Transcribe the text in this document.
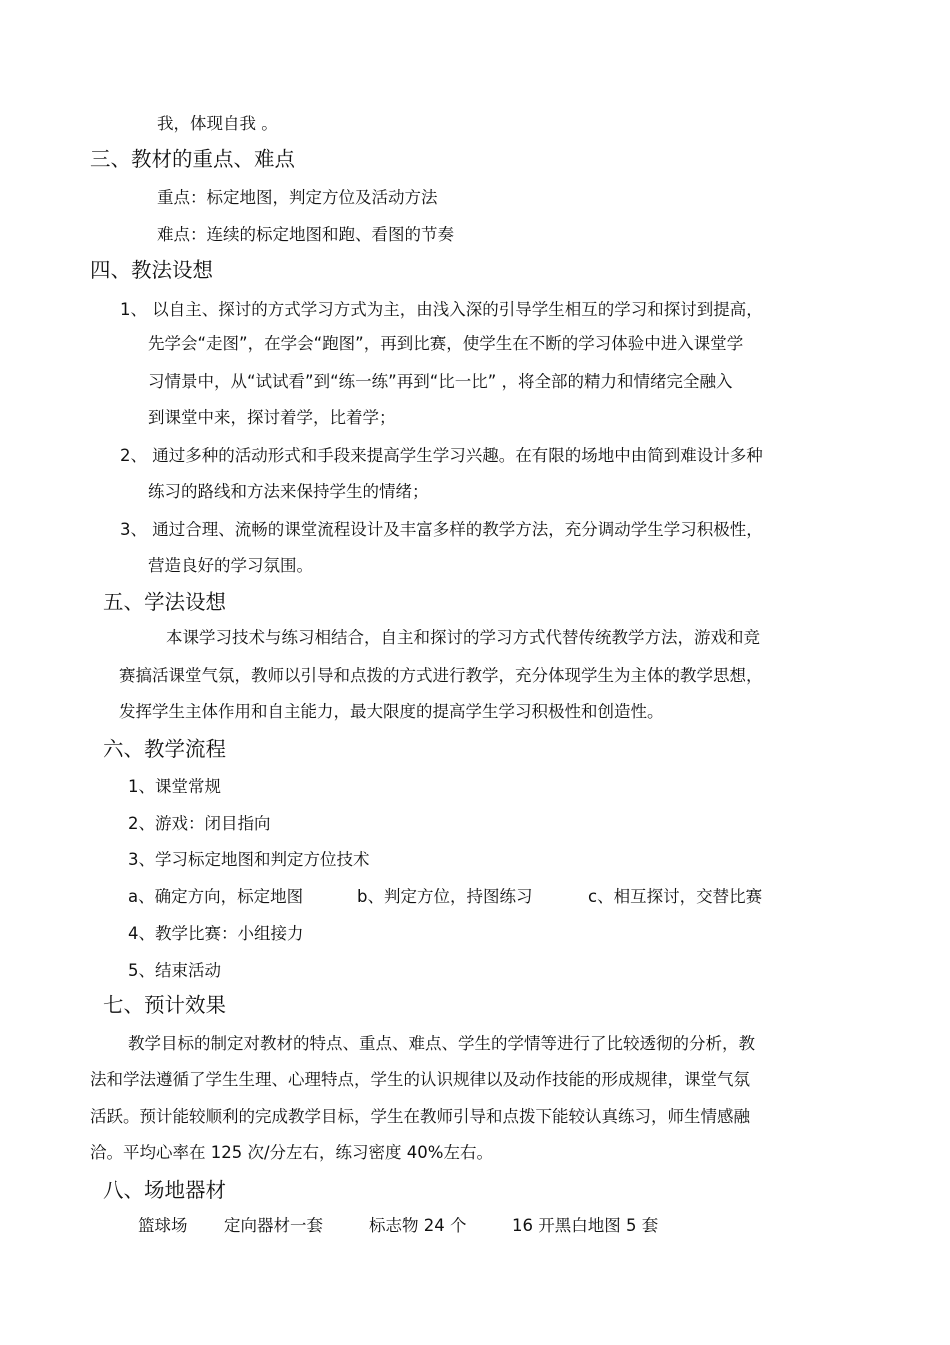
我，体现自我 。
三、教材的重点、难点
重点：标定地图，判定方位及活动方法
难点：连续的标定地图和跑、看图的节奏
四、教法设想
1、 以自主、探讨的方式学习方式为主，由浅入深的引导学生相互的学习和探讨到提高，
先学会“走图”，在学会“跑图”，再到比赛，使学生在不断的学习体验中进入课堂学
习情景中，从“试试看”到“练一练”再到“比一比” ，将全部的精力和情绪完全融入
到课堂中来，探讨着学，比着学；
2、 通过多种的活动形式和手段来提高学生学习兴趣。在有限的场地中由简到难设计多种
练习的路线和方法来保持学生的情绪；
3、 通过合理、流畅的课堂流程设计及丰富多样的教学方法，充分调动学生学习积极性，
营造良好的学习氛围。
五、学法设想
本课学习技术与练习相结合，自主和探讨的学习方式代替传统教学方法，游戏和竞
赛搞活课堂气氛，教师以引导和点拨的方式进行教学，充分体现学生为主体的教学思想，
发挥学生主体作用和自主能力，最大限度的提高学生学习积极性和创造性。
六、教学流程
1、课堂常规
2、游戏：闭目指向
3、学习标定地图和判定方位技术
a、确定方向，标定地图	b、判定方位，持图练习	c、相互探讨，交替比赛
4、教学比赛：小组接力
5、结束活动
七、预计效果
教学目标的制定对教材的特点、重点、难点、学生的学情等进行了比较透彻的分析，教
法和学法遵循了学生生理、心理特点，学生的认识规律以及动作技能的形成规律，课堂气氛
活跃。预计能较顺利的完成教学目标，学生在教师引导和点拨下能较认真练习，师生情感融
洽。平均心率在 125 次/分左右，练习密度 40%左右。
八、场地器材
篮球场 定向器材一套	标志物 24 个	16 开黑白地图 5 套
